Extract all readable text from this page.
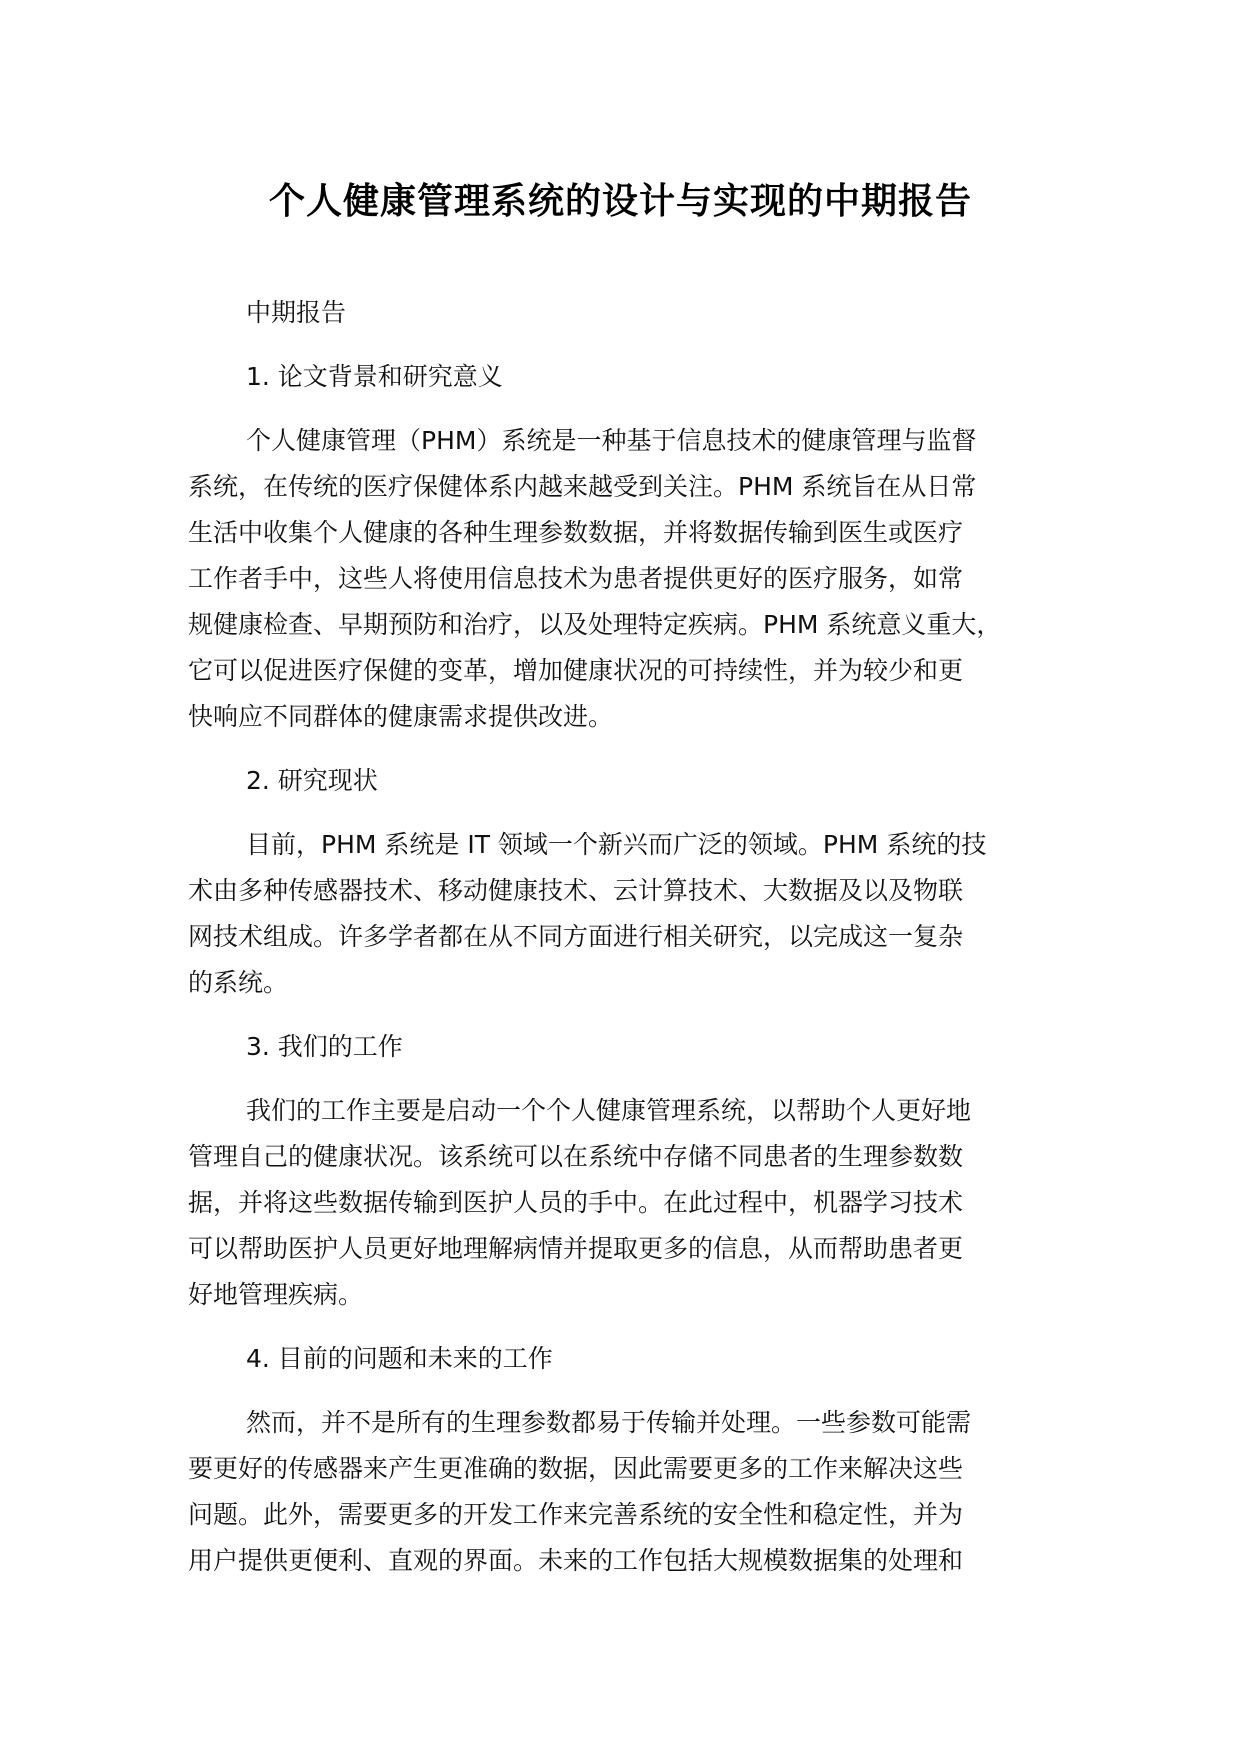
个人健康管理系统的设计与实现的中期报告

中期报告

1. 论文背景和研究意义

个人健康管理（PHM）系统是一种基于信息技术的健康管理与监督
系统，在传统的医疗保健体系内越来越受到关注。PHM 系统旨在从日常
生活中收集个人健康的各种生理参数数据，并将数据传输到医生或医疗
工作者手中，这些人将使用信息技术为患者提供更好的医疗服务，如常
规健康检查、早期预防和治疗，以及处理特定疾病。PHM 系统意义重大，
它可以促进医疗保健的变革，增加健康状况的可持续性，并为较少和更
快响应不同群体的健康需求提供改进。

2. 研究现状

目前，PHM 系统是 IT 领域一个新兴而广泛的领域。PHM 系统的技
术由多种传感器技术、移动健康技术、云计算技术、大数据及以及物联
网技术组成。许多学者都在从不同方面进行相关研究，以完成这一复杂
的系统。

3. 我们的工作

我们的工作主要是启动一个个人健康管理系统，以帮助个人更好地
管理自己的健康状况。该系统可以在系统中存储不同患者的生理参数数
据，并将这些数据传输到医护人员的手中。在此过程中，机器学习技术
可以帮助医护人员更好地理解病情并提取更多的信息，从而帮助患者更
好地管理疾病。

4. 目前的问题和未来的工作

然而，并不是所有的生理参数都易于传输并处理。一些参数可能需
要更好的传感器来产生更准确的数据，因此需要更多的工作来解决这些
问题。此外，需要更多的开发工作来完善系统的安全性和稳定性，并为
用户提供更便利、直观的界面。未来的工作包括大规模数据集的处理和
